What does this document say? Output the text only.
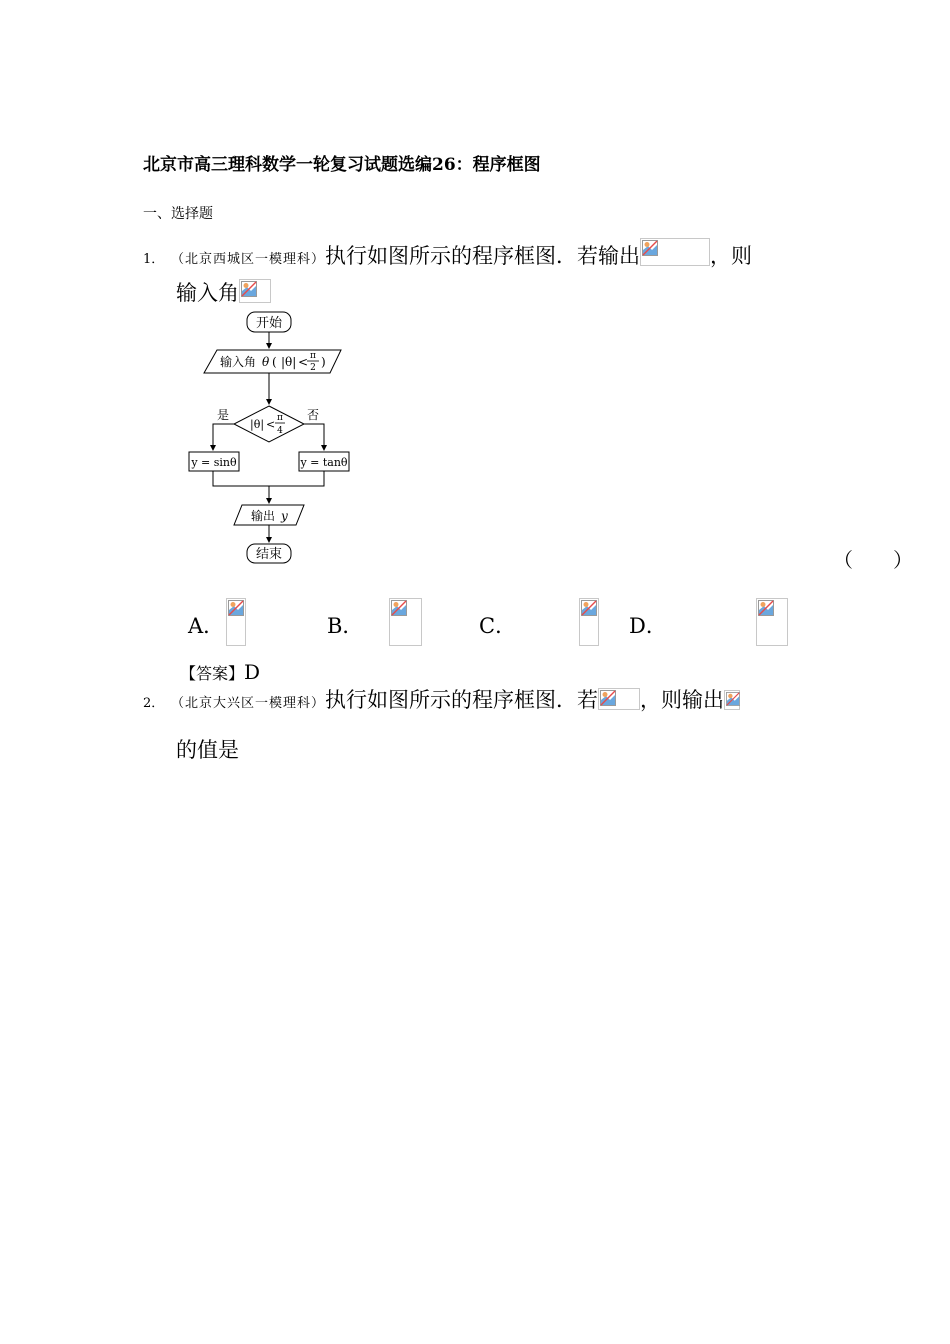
北京市高三理科数学一轮复习试题选编26：程序框图
一、选择题
1． （北京西城区一模理科）执行如图所示的程序框图．若输出	，则
输入角
开始
输入角 θ ( |θ| < π
2 )
是	否
|θ| < π
4
y = sinθ	y = tanθ
输出 y
结束	（　　）
A．
	B．
	C．
	D．
【答案】D
2． （北京大兴区一模理科）执行如图所示的程序框图．若 ，则输出
的值是
